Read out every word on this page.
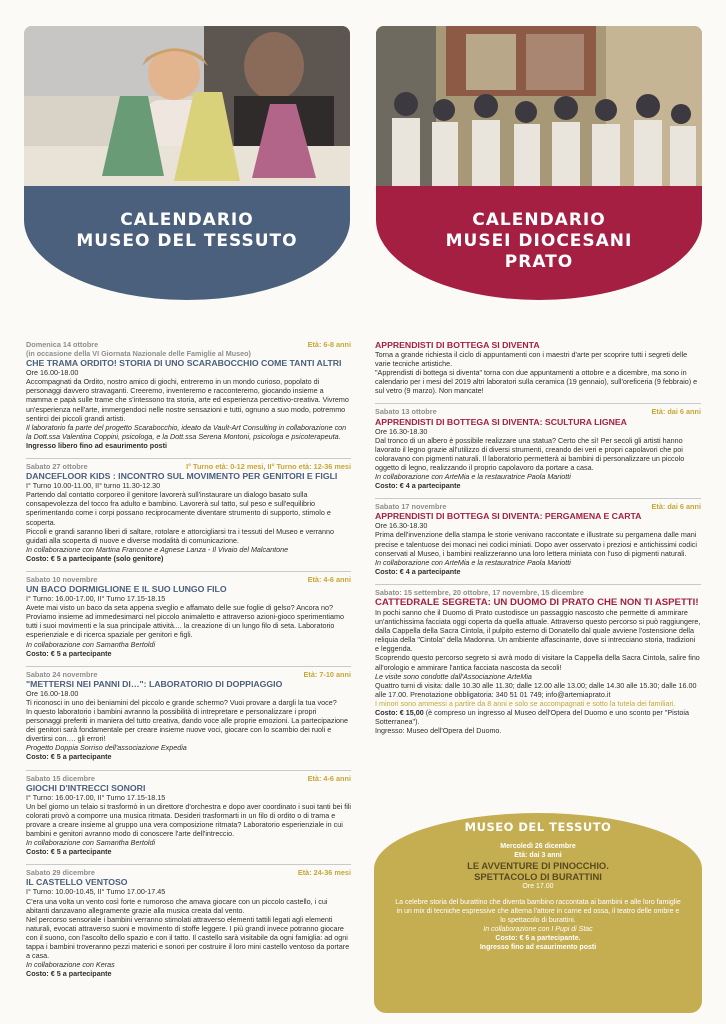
CALENDARIO
MUSEO DEL TESSUTO
CALENDARIO
MUSEI DIOCESANI
PRATO
Domenica 14 ottobre	Età: 6-8 anni
(in occasione della VI Giornata Nazionale delle Famiglie al Museo)
CHE TRAMA ORDITO! STORIA DI UNO SCARABOCCHIO COME TANTI ALTRI
Ore 16.00-18.00
Accompagnati da Ordito, nostro amico di giochi, entreremo in un mondo curioso, popolato di personaggi davvero stravaganti. Creeremo, inventeremo e racconteremo, giocando insieme a mamma e papà sulle trame che s'intessono tra storia, arte ed esperienza percettivo-creativa. Vivremo un'esperienza nell'arte, immergendoci nelle nostre sensazioni e tutti, ognuno a suo modo, potremmo sentirci dei piccoli grandi artisti.
Il laboratorio fa parte del progetto Scarabocchio, ideato da Vault-Art Consulting in collaborazione con la Dott.ssa Valentina Coppini, psicologa, e la Dott.ssa Serena Montoni, psicologa e psicoterapeuta.
Ingresso libero fino ad esaurimento posti
Sabato 27 ottobre	I° Turno età: 0-12 mesi, II° Turno età: 12-36 mesi
DANCEFLOOR KIDS : INCONTRO SUL MOVIMENTO PER GENITORI E FIGLI
I° Turno 10.00-11.00, II° turno 11.30-12.30
Partendo dal contatto corporeo il genitore lavorerà sull'instaurare un dialogo basato sulla consapevolezza del tocco fra adulto e bambino. Lavorerà sul tatto, sul peso e sull'equilibrio sperimentando come i corpi possano reciprocamente diventare strumento di supporto, stimolo e scoperta.
Piccoli e grandi saranno liberi di saltare, rotolare e attorcigliarsi tra i tessuti del Museo e verranno guidati alla scoperta di nuove e diverse modalità di comunicazione.
In collaborazione con Martina Francone e Agnese Lanza - Il Vivaio del Malcantone
Costo: € 5 a partecipante (solo genitore)
Sabato 10 novembre	Età: 4-6 anni
UN BACO DORMIGLIONE E IL SUO LUNGO FILO
I° Turno: 16.00-17.00, II° Turno 17.15-18.15
Avete mai visto un baco da seta appena sveglio e affamato delle sue foglie di gelso? Ancora no? Proviamo insieme ad immedesimarci nel piccolo animaletto e attraverso azioni-gioco sperimentiamo tutti i suoi movimenti e la sua principale attività.... la creazione di un lungo filo di seta. Laboratorio esperienziale e di ricerca spaziale per genitori e figli.
In collaborazione con Samantha Bertoldi
Costo: € 5 a partecipante
Sabato 24 novembre	Età: 7-10 anni
"METTERSI NEI PANNI DI…": LABORATORIO DI DOPPIAGGIO
Ore 16.00-18.00
Ti riconosci in uno dei beniamini del piccolo e grande schermo? Vuoi provare a dargli la tua voce?
In questo laboratorio i bambini avranno la possibilità di intrepretare e personalizzare i propri personaggi preferiti in maniera del tutto creativa, dando voce alle proprie emozioni. La partecipazione dei genitori sarà fondamentale per creare insieme nuove voci, giocare con lo scambio dei ruoli e divertirsi con…. gli errori!
Progetto Doppia Sorriso dell'associazione Expedia
Costo: € 5 a partecipante
Sabato 15 dicembre	Età: 4-6 anni
GIOCHI D'INTRECCI SONORI
I° Turno: 16.00-17.00, II° Turno 17.15-18.15
Un bel giorno un telaio si trasformò in un direttore d'orchestra e dopo aver coordinato i suoi tanti bei fili colorati provò a comporre una musica ritmata. Desideri trasformarti in un filo di ordito o di trama e provare a creare insieme al gruppo una vera composizione ritmata? Laboratorio esperienziale in cui bambini e genitori avranno modo di conoscere l'arte dell'intreccio.
In collaborazione con Samantha Bertoldi
Costo: € 5 a partecipante
Sabato 29 dicembre	Età: 24-36 mesi
IL CASTELLO VENTOSO
I° Turno: 10.00-10.45, II° Turno 17.00-17.45
C'era una volta un vento così forte e rumoroso che amava giocare con un piccolo castello, i cui abitanti danzavano allegramente grazie alla musica creata dal vento.
Nel percorso sensoriale i bambini verranno stimolati attraverso elementi tattili legati agli elementi naturali, evocati attraverso suoni e movimento di stoffe leggere. I più grandi invece potranno giocare con il suono, con l'ascolto dello spazio e con il tatto. Il castello sarà visitabile da ogni famiglia: ad ogni tappa i bambini troveranno pezzi materici e sonori per costruire il loro mini castello ventoso da portare a casa.
In collaborazione con Keras
Costo: € 5 a partecipante
APPRENDISTI DI BOTTEGA SI DIVENTA
Torna a grande richiesta il ciclo di appuntamenti con i maestri d'arte per scoprire tutti i segreti delle varie tecniche artistiche.
"Apprendisti di bottega si diventa" torna con due appuntamenti a ottobre e a dicembre, ma sono in calendario per i mesi del 2019 altri laboratori sulla ceramica (19 gennaio), sull'oreficeria (9 febbraio) e sul vetro (9 marzo). Non mancate!
Sabato 13 ottobre	Età: dai 6 anni
APPRENDISTI DI BOTTEGA SI DIVENTA: SCULTURA LIGNEA
Ore 16.30-18.30
Dal tronco di un albero è possibile realizzare una statua? Certo che sì! Per secoli gli artisti hanno lavorato il legno grazie all'utilizzo di diversi strumenti, creando dei veri e propri capolavori che poi coloravano con pigmenti naturali. Il laboratorio permetterà ai bambini di personalizzare un piccolo oggetto di legno, realizzando il proprio capolavoro da portare a casa.
In collaborazione con ArteMia e la restauratrice Paola Mariotti
Costo: € 4 a partecipante
Sabato 17 novembre	Età: dai 6 anni
APPRENDISTI DI BOTTEGA SI DIVENTA: PERGAMENA E CARTA
Ore 16.30-18.30
Prima dell'invenzione della stampa le storie venivano raccontate e illustrate su pergamena dalle mani precise e talentuose dei monaci nei codici miniati. Dopo aver osservato i preziosi e antichissimi codici conservati al Museo, i bambini realizzeranno una loro lettera miniata con l'uso di pigmenti naturali.
In collaborazione con ArteMia e la restauratrice Paola Mariotti
Costo: € 4 a partecipante
Sabato: 15 settembre, 20 ottobre, 17 novembre, 15 dicembre
CATTEDRALE SEGRETA: UN DUOMO DI PRATO CHE NON TI ASPETTI!
In pochi sanno che il Duomo di Prato custodisce un passaggio nascosto che permette di ammirare un'antichissima facciata oggi coperta da quella attuale. Attraverso questo percorso si può raggiungere, dalla Cappella della Sacra Cintola, il pulpito esterno di Donatello dal quale avviene l'ostensione della reliquia della "Cintola" della Madonna. Un ambiente affascinante, dove si intrecciano storia, tradizioni e leggenda.
Scoprendo questo percorso segreto si avrà modo di visitare la Cappella della Sacra Cintola, salire fino all'orologio e ammirare l'antica facciata nascosta da secoli!
Le visite sono condotte dall'Associazione ArteMia
Quattro turni di visita: dalle 10.30 alle 11.30; dalle 12.00 alle 13.00; dalle 14.30 alle 15.30; dalle 16.00 alle 17.00. Prenotazione obbligatoria: 340 51 01 749; info@artemiaprato.it
I minori sono ammessi a partire da 8 anni e solo se accompagnati e sotto la tutela dei familiari.
Costo: € 15,00 (è compreso un ingresso al Museo dell'Opera del Duomo e uno sconto per "Pistoia Sotterranea").
Ingresso: Museo dell'Opera del Duomo.
MUSEO DEL TESSUTO
Mercoledì 26 dicembre
Età: dai 3 anni
LE AVVENTURE DI PINOCCHIO.
SPETTACOLO DI BURATTINI
Ore 17.00
La celebre storia del burattino che diventa bambino raccontata ai bambini e alle loro famiglie in un mix di tecniche espressive che alterna l'attore in carne ed ossa, il teatro delle ombre e lo spettacolo di burattini.
In collaborazione con I Pupi di Stac
Costo: € 6 a partecipante.
Ingresso fino ad esaurimento posti
